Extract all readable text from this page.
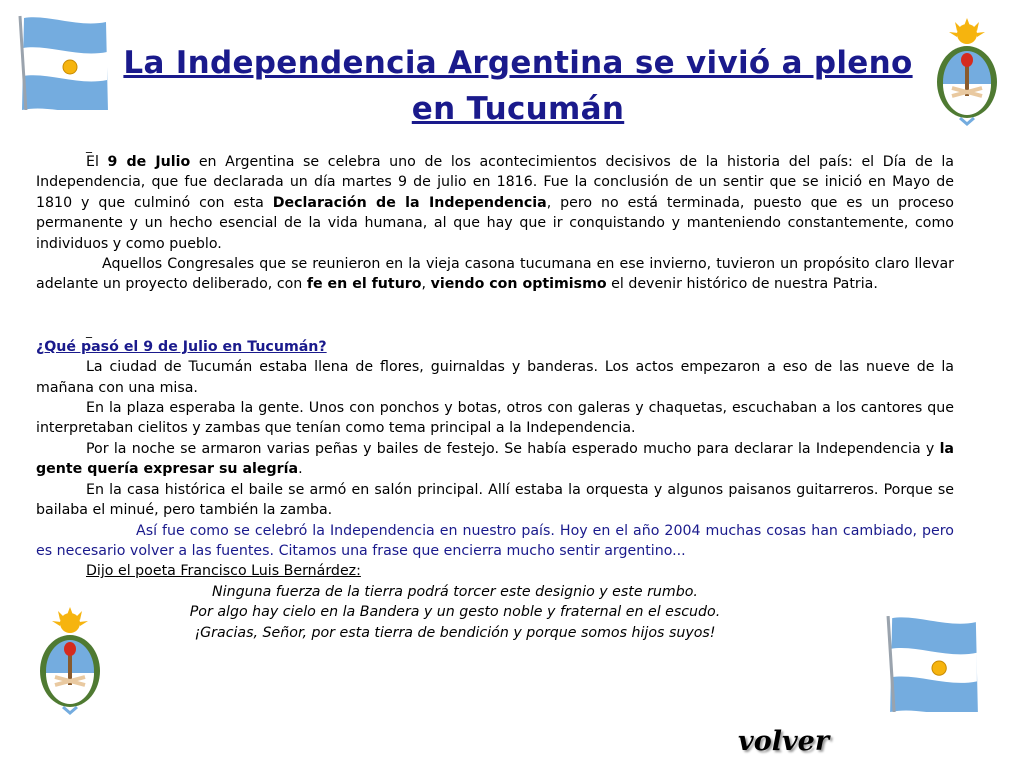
La Independencia Argentina se vivió a pleno en Tucumán
_

El 9 de Julio en Argentina se celebra uno de los acontecimientos decisivos de la historia del país: el Día de la Independencia, que fue declarada un día martes 9 de julio en 1816. Fue la conclusión de un sentir que se inició en Mayo de 1810 y que culminó con esta Declaración de la Independencia, pero no está terminada, puesto que es un proceso permanente y un hecho esencial de la vida humana, al que hay que ir conquistando y manteniendo constantemente, como individuos y como pueblo.

Aquellos Congresales que se reunieron en la vieja casona tucumana en ese invierno, tuvieron un propósito claro llevar adelante un proyecto deliberado, con fe en el futuro, viendo con optimismo el devenir histórico de nuestra Patria.

_

¿Qué pasó el 9 de Julio en Tucumán?

La ciudad de Tucumán estaba llena de flores, guirnaldas y banderas. Los actos empezaron a eso de las nueve de la mañana con una misa.

En la plaza esperaba la gente. Unos con ponchos y botas, otros con galeras y chaquetas, escuchaban a los cantores que interpretaban cielitos y zambas que tenían como tema principal a la Independencia.

Por la noche se armaron varias peñas y bailes de festejo. Se había esperado mucho para declarar la Independencia y la gente quería expresar su alegría.

En la casa histórica el baile se armó en salón principal. Allí estaba la orquesta y algunos paisanos guitarreros. Porque se bailaba el minué, pero también la zamba.

Así fue como se celebró la Independencia en nuestro país. Hoy en el año 2004 muchas cosas han cambiado, pero es necesario volver a las fuentes. Citamos una frase que encierra mucho sentir argentino...

Dijo el poeta Francisco Luis Bernárdez:

Ninguna fuerza de la tierra podrá torcer este designio y este rumbo.

Por algo hay cielo en la Bandera y un gesto noble y fraternal en el escudo.

¡Gracias, Señor, por esta tierra de bendición y porque somos hijos suyos!

volver
